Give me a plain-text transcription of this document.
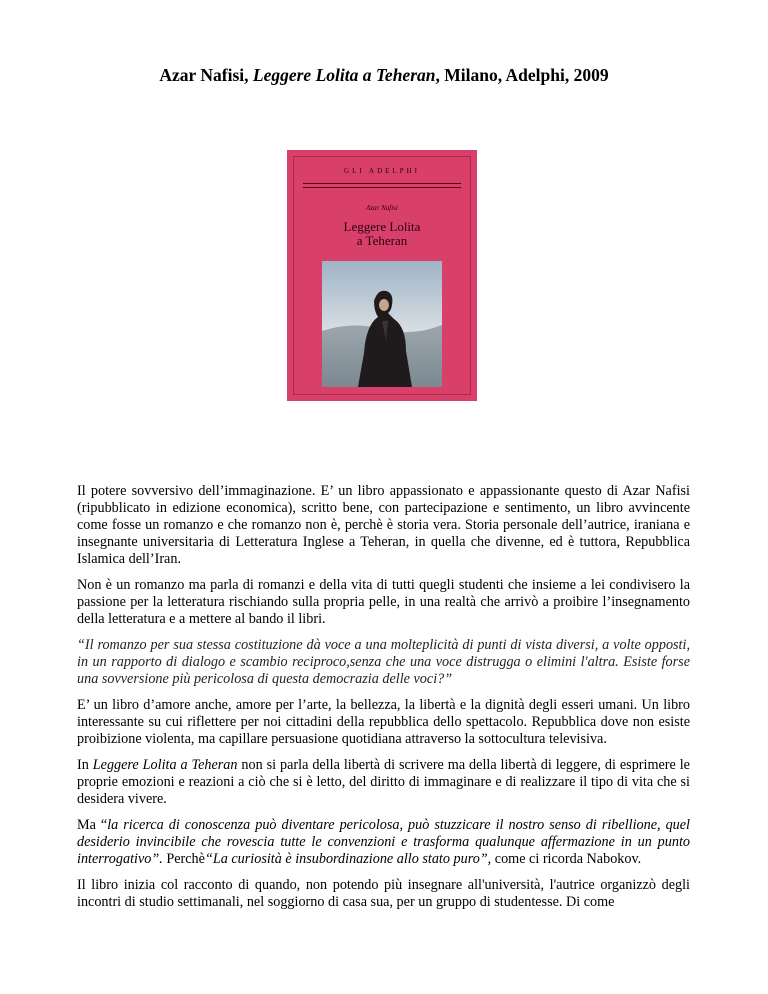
Azar Nafisi, Leggere Lolita a Teheran, Milano, Adelphi, 2009
GLI ADELPHI
Azar Nafisi
Leggere Lolita
a Teheran

Il potere sovversivo dell’immaginazione. E’ un libro appassionato e appassionante questo di Azar Nafisi (ripubblicato in edizione economica), scritto bene, con partecipazione e sentimento, un libro avvincente come fosse un romanzo e che romanzo non è, perchè è storia vera. Storia personale dell’autrice, iraniana e insegnante universitaria di Letteratura Inglese a Teheran, in quella che divenne, ed è tuttora, Repubblica Islamica dell’Iran.

Non è un romanzo ma parla di romanzi e della vita di tutti quegli studenti che insieme a lei condivisero la passione per la letteratura rischiando sulla propria pelle, in una realtà che arrivò a proibire l’insegnamento della letteratura e a mettere al bando il libri.

“Il romanzo per sua stessa costituzione dà voce a una molteplicità di punti di vista diversi, a volte opposti, in un rapporto di dialogo e scambio reciproco,senza che una voce distrugga o elimini l'altra. Esiste forse una sovversione più pericolosa di questa democrazia delle voci?”

E’ un libro d’amore anche, amore per l’arte, la bellezza, la libertà e la dignità degli esseri umani. Un libro interessante su cui riflettere per noi cittadini della repubblica dello spettacolo. Repubblica dove non esiste proibizione violenta, ma capillare persuasione quotidiana attraverso la sottocultura televisiva.

In Leggere Lolita a Teheran non si parla della libertà di scrivere ma della libertà di leggere, di esprimere le proprie emozioni e reazioni a ciò che si è letto, del diritto di immaginare e di realizzare il tipo di vita che si desidera vivere.

Ma “la ricerca di conoscenza può diventare pericolosa, può stuzzicare il nostro senso di ribellione, quel desiderio invincibile che rovescia tutte le convenzioni e trasforma qualunque affermazione in un punto interrogativo”. Perchè“La curiosità è insubordinazione allo stato puro”, come ci ricorda Nabokov.

Il libro inizia col racconto di quando, non potendo più insegnare all'università, l'autrice organizzò degli incontri di studio settimanali, nel soggiorno di casa sua, per un gruppo di studentesse. Di come
